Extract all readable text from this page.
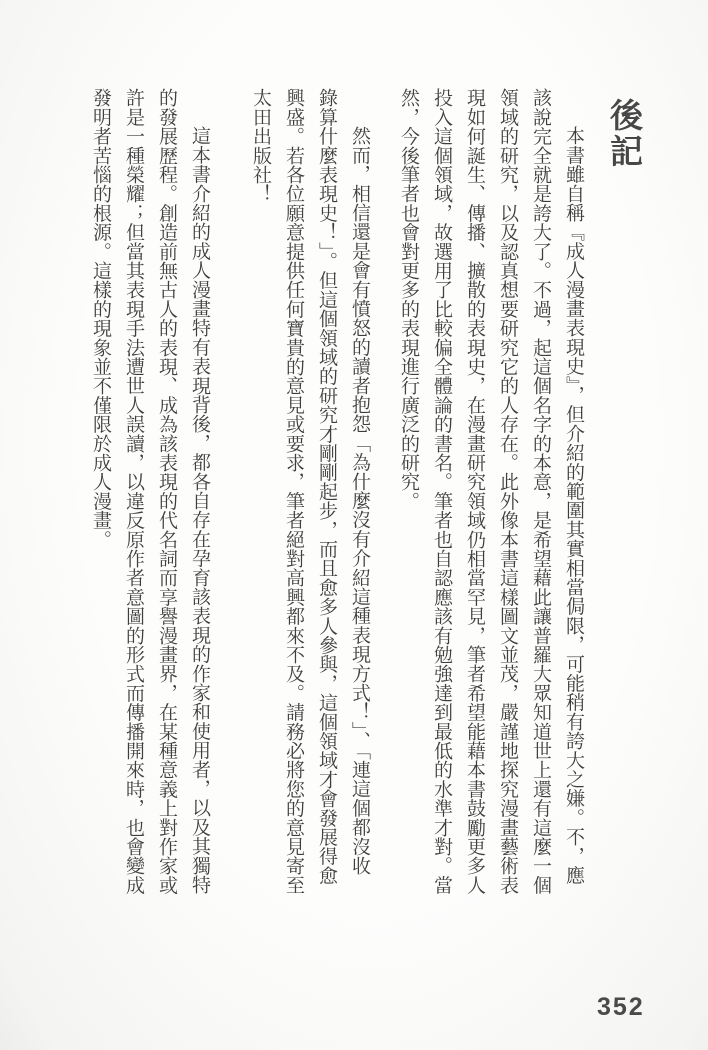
後記
本書雖自稱『成人漫畫表現史』，但介紹的範圍其實相當侷限，可能稍有誇大之嫌。不，應
該說完全就是誇大了。不過，起這個名字的本意，是希望藉此讓普羅大眾知道世上還有這麼一個
領域的研究，以及認真想要研究它的人存在。此外像本書這樣圖文並茂，嚴謹地探究漫畫藝術表
現如何誕生、傳播、擴散的表現史，在漫畫研究領域仍相當罕見，筆者希望能藉本書鼓勵更多人
投入這個領域，故選用了比較偏全體論的書名。筆者也自認應該有勉強達到最低的水準才對。當
然，今後筆者也會對更多的表現進行廣泛的研究。
然而，相信還是會有憤怒的讀者抱怨「為什麼沒有介紹這種表現方式！」、「連這個都沒收
錄算什麼表現史！」。但這個領域的研究才剛剛起步，而且愈多人參與，這個領域才會發展得愈
興盛。若各位願意提供任何寶貴的意見或要求，筆者絕對高興都來不及。請務必將您的意見寄至
太田出版社！
這本書介紹的成人漫畫特有表現背後，都各自存在孕育該表現的作家和使用者，以及其獨特
的發展歷程。創造前無古人的表現、成為該表現的代名詞而享譽漫畫界，在某種意義上對作家或
許是一種榮耀；但當其表現手法遭世人誤讀，以違反原作者意圖的形式而傳播開來時，也會變成
發明者苦惱的根源。這樣的現象並不僅限於成人漫畫。
352
